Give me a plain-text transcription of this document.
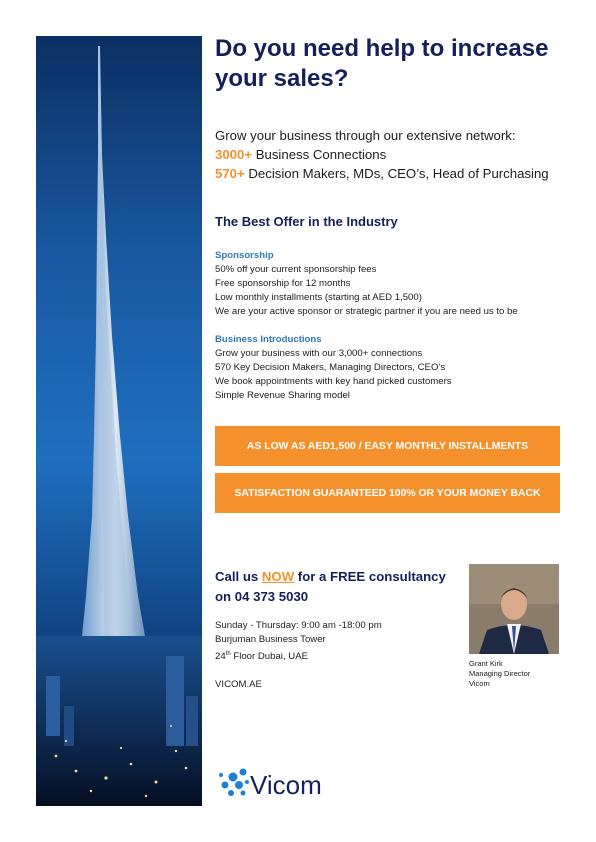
Do you need help to increase your sales?
Grow your business through our extensive network:
3000+ Business Connections
570+ Decision Makers, MDs, CEO’s, Head of Purchasing
The Best Offer in the Industry
Sponsorship
50% off your current sponsorship fees
Free sponsorship for 12 months
Low monthly installments (starting at AED 1,500)
We are your active sponsor or strategic partner if you are need us to be
Business Introductions
Grow your business with our 3,000+ connections
570 Key Decision Makers, Managing Directors, CEO’s
We book appointments with key hand picked customers
Simple Revenue Sharing model
AS LOW AS AED1,500 / EASY MONTHLY INSTALLMENTS
SATISFACTION GUARANTEED 100% OR YOUR MONEY BACK
Call us NOW for a FREE consultancy
on 04 373 5030
Sunday - Thursday: 9:00 am -18:00 pm
Burjuman Business Tower
24th Floor Dubai, UAE
VICOM.AE
Grant Kirk
Managing Director
Vicom
Vicom
